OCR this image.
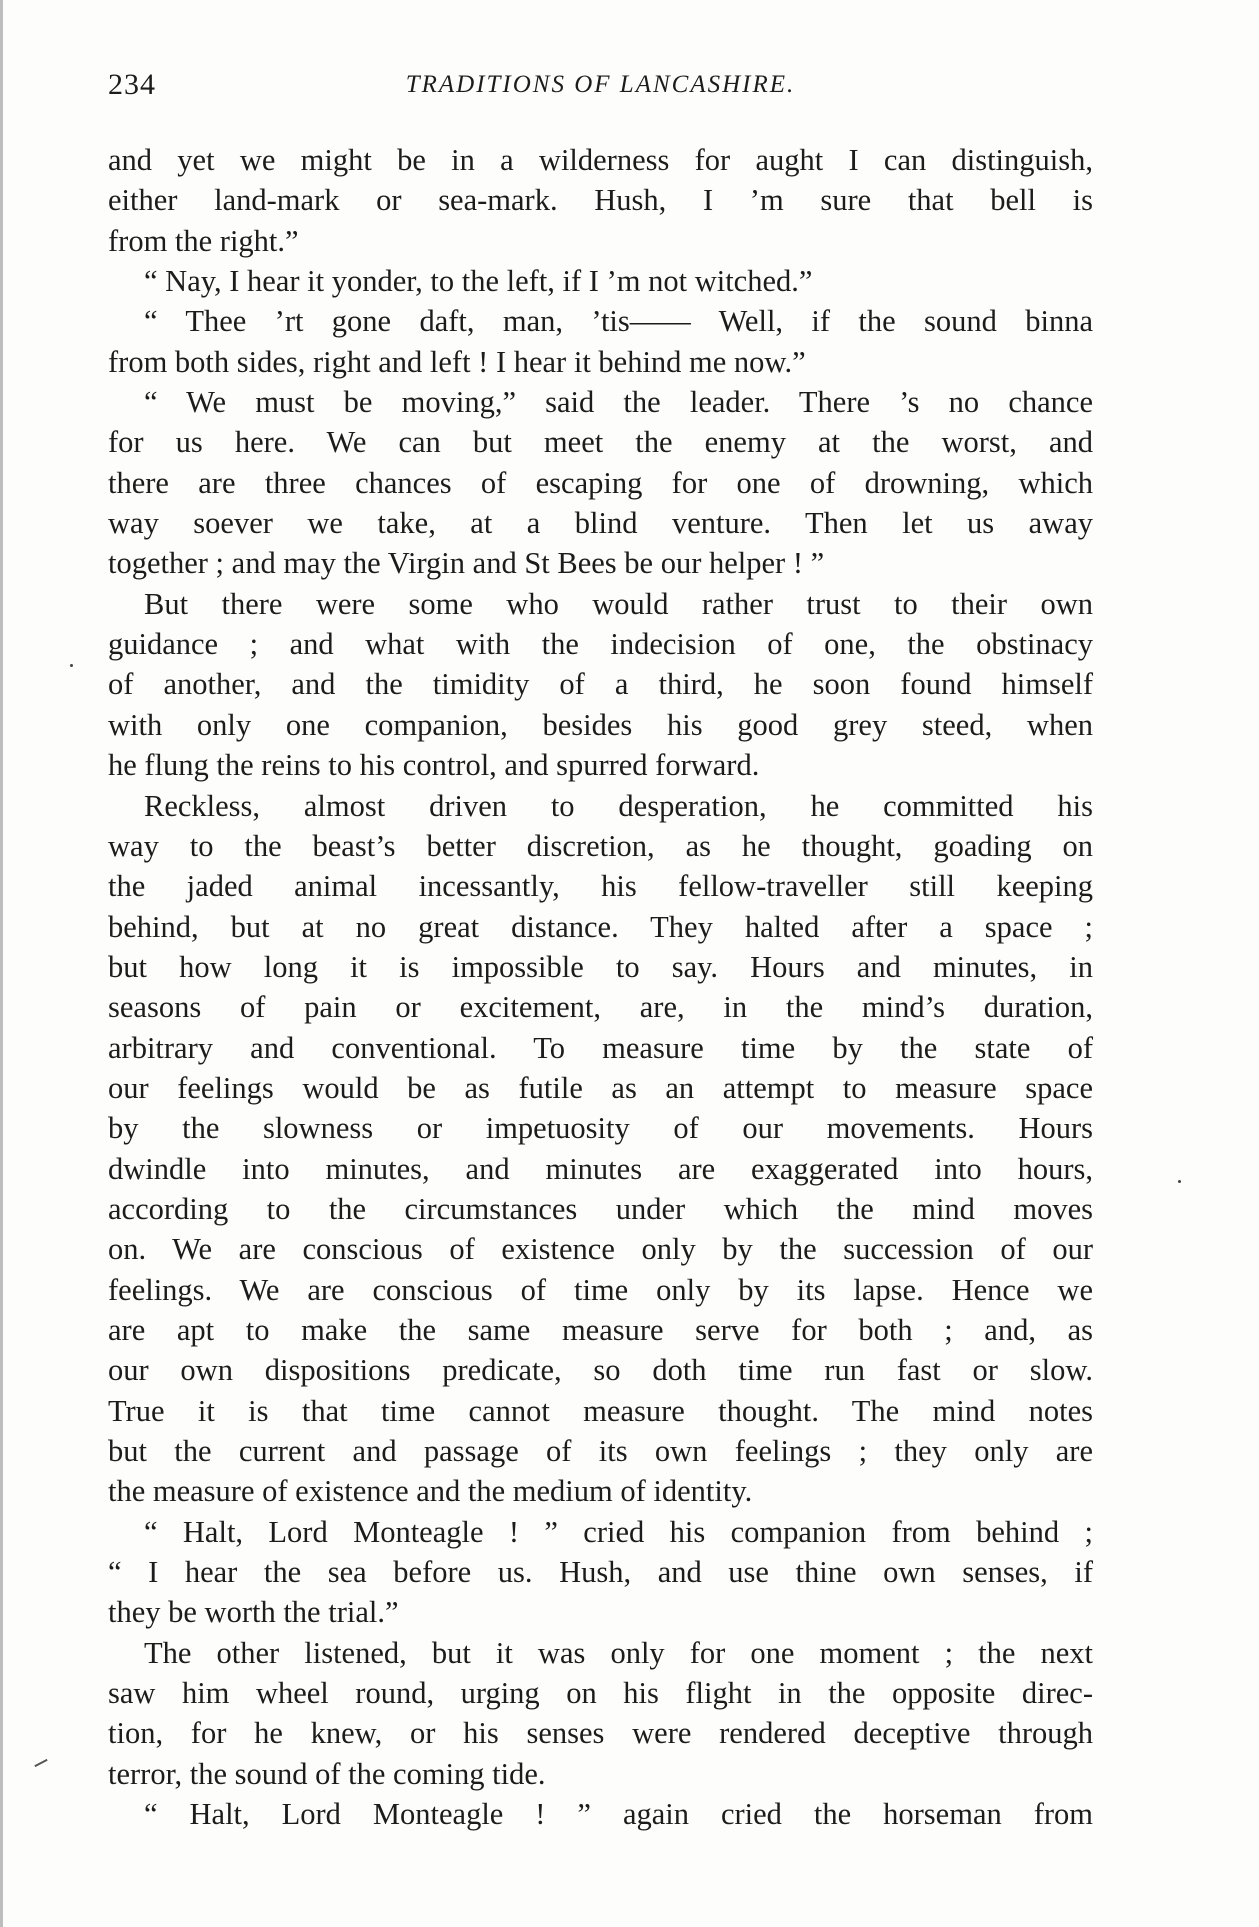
234	TRADITIONS OF LANCASHIRE.
and yet we might be in a wilderness for aught I can distinguish,
either land-mark or sea-mark. Hush, I ’m sure that bell is
from the right.”
“ Nay, I hear it yonder, to the left, if I ’m not witched.”
“ Thee ’rt gone daft, man, ’tis—— Well, if the sound binna
from both sides, right and left ! I hear it behind me now.”
“ We must be moving,” said the leader. There ’s no chance
for us here. We can but meet the enemy at the worst, and
there are three chances of escaping for one of drowning, which
way soever we take, at a blind venture. Then let us away
together ; and may the Virgin and St Bees be our helper ! ”
But there were some who would rather trust to their own
guidance ; and what with the indecision of one, the obstinacy
of another, and the timidity of a third, he soon found himself
with only one companion, besides his good grey steed, when
he flung the reins to his control, and spurred forward.
Reckless, almost driven to desperation, he committed his
way to the beast’s better discretion, as he thought, goading on
the jaded animal incessantly, his fellow-traveller still keeping
behind, but at no great distance. They halted after a space ;
but how long it is impossible to say. Hours and minutes, in
seasons of pain or excitement, are, in the mind’s duration,
arbitrary and conventional. To measure time by the state of
our feelings would be as futile as an attempt to measure space
by the slowness or impetuosity of our movements. Hours
dwindle into minutes, and minutes are exaggerated into hours,
according to the circumstances under which the mind moves
on. We are conscious of existence only by the succession of our
feelings. We are conscious of time only by its lapse. Hence we
are apt to make the same measure serve for both ; and, as
our own dispositions predicate, so doth time run fast or slow.
True it is that time cannot measure thought. The mind notes
but the current and passage of its own feelings ; they only are
the measure of existence and the medium of identity.
“ Halt, Lord Monteagle ! ” cried his companion from behind ;
“ I hear the sea before us. Hush, and use thine own senses, if
they be worth the trial.”
The other listened, but it was only for one moment ; the next
saw him wheel round, urging on his flight in the opposite direc-
tion, for he knew, or his senses were rendered deceptive through
terror, the sound of the coming tide.
“ Halt, Lord Monteagle ! ” again cried the horseman from
